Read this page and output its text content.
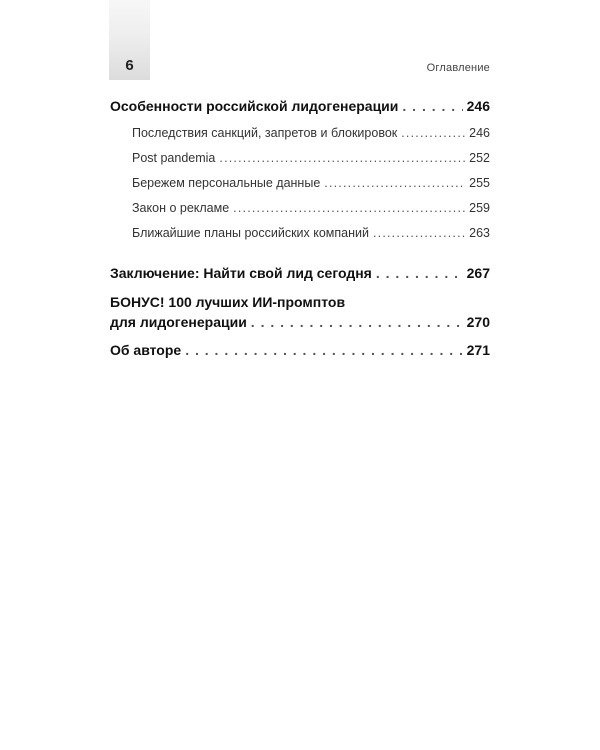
6	Оглавление
Особенности российской лидогенерации . . .	246
Последствия санкций, запретов и блокировок .....	246
Post pandemia .....	252
Бережем персональные данные .....	255
Закон о рекламе .....	259
Ближайшие планы российских компаний .....	263
Заключение: Найти свой лид сегодня . . .	267
БОНУС! 100 лучших ИИ-промптов
для лидогенерации . . .	270
Об авторе . . .	271
